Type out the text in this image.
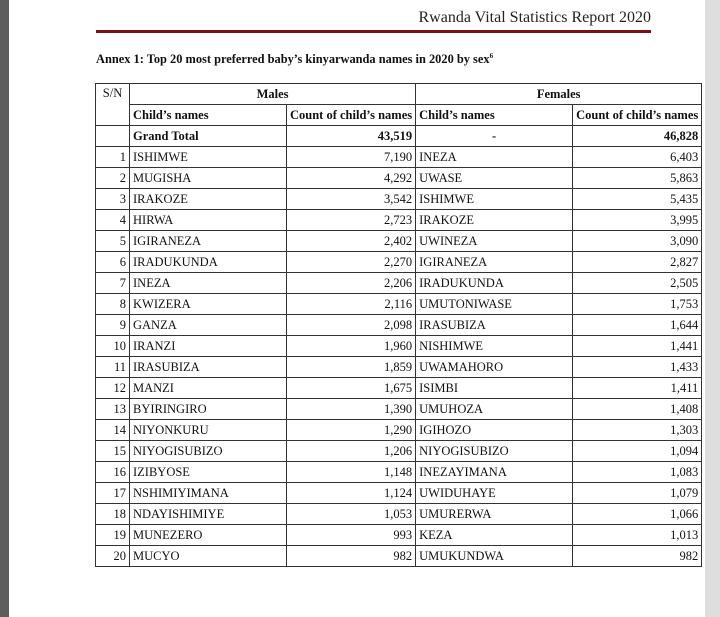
Rwanda Vital Statistics Report 2020
Annex 1: Top 20 most preferred baby’s kinyarwanda names in 2020 by sex$^6$
S/N	Males		Females	
	Child’s names	Count of child’s names	Child’s names	Count of child’s names
	Grand Total	43,519	-	46,828
1	ISHIMWE	7,190	INEZA	6,403
2	MUGISHA	4,292	UWASE	5,863
3	IRAKOZE	3,542	ISHIMWE	5,435
4	HIRWA	2,723	IRAKOZE	3,995
5	IGIRANEZA	2,402	UWINEZA	3,090
6	IRADUKUNDA	2,270	IGIRANEZA	2,827
7	INEZA	2,206	IRADUKUNDA	2,505
8	KWIZERA	2,116	UMUTONIWASE	1,753
9	GANZA	2,098	IRASUBIZA	1,644
10	IRANZI	1,960	NISHIMWE	1,441
11	IRASUBIZA	1,859	UWAMAHORO	1,433
12	MANZI	1,675	ISIMBI	1,411
13	BYIRINGIRO	1,390	UMUHOZA	1,408
14	NIYONKURU	1,290	IGIHOZO	1,303
15	NIYOGISUBIZO	1,206	NIYOGISUBIZO	1,094
16	IZIBYOSE	1,148	INEZAYIMANA	1,083
17	NSHIMIYIMANA	1,124	UWIDUHAYE	1,079
18	NDAYISHIMIYE	1,053	UMURERWA	1,066
19	MUNEZERO	993	KEZA	1,013
20	MUCYO	982	UMUKUNDWA	982
